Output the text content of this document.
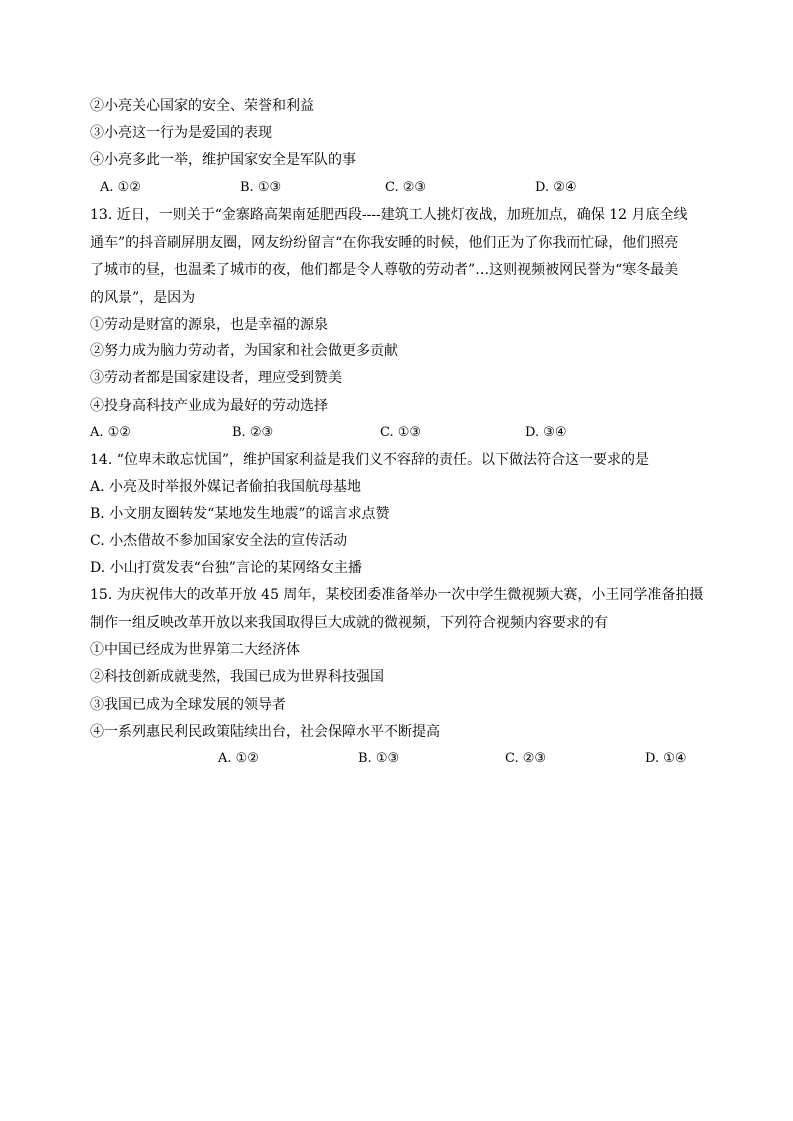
②小亮关心国家的安全、荣誉和利益
③小亮这一行为是爱国的表现
④小亮多此一举，维护国家安全是军队的事
A. ①②	B. ①③	C. ②③	D. ②④

13. 近日，一则关于“金寨路高架南延肥西段----建筑工人挑灯夜战，加班加点，确保 12 月底全线

通车”的抖音刷屏朋友圈，网友纷纷留言“在你我安睡的时候，他们正为了你我而忙碌，他们照亮

了城市的昼，也温柔了城市的夜，他们都是令人尊敬的劳动者”…这则视频被网民誉为“寒冬最美

的风景”，是因为

①劳动是财富的源泉，也是幸福的源泉
②努力成为脑力劳动者，为国家和社会做更多贡献
③劳动者都是国家建设者，理应受到赞美
④投身高科技产业成为最好的劳动选择
A. ①②	B. ②③	C. ①③	D. ③④
14. “位卑未敢忘忧国”，维护国家利益是我们义不容辞的责任。以下做法符合这一要求的是
A. 小亮及时举报外媒记者偷拍我国航母基地
B. 小文朋友圈转发“某地发生地震”的谣言求点赞
C. 小杰借故不参加国家安全法的宣传活动
D. 小山打赏发表“台独”言论的某网络女主播

15. 为庆祝伟大的改革开放 45 周年，某校团委准备举办一次中学生微视频大赛，小王同学准备拍摄

制作一组反映改革开放以来我国取得巨大成就的微视频，下列符合视频内容要求的有

①中国已经成为世界第二大经济体
②科技创新成就斐然，我国已成为世界科技强国
③我国已成为全球发展的领导者
④一系列惠民利民政策陆续出台，社会保障水平不断提高
A. ①②	B. ①③	C. ②③	D. ①④
